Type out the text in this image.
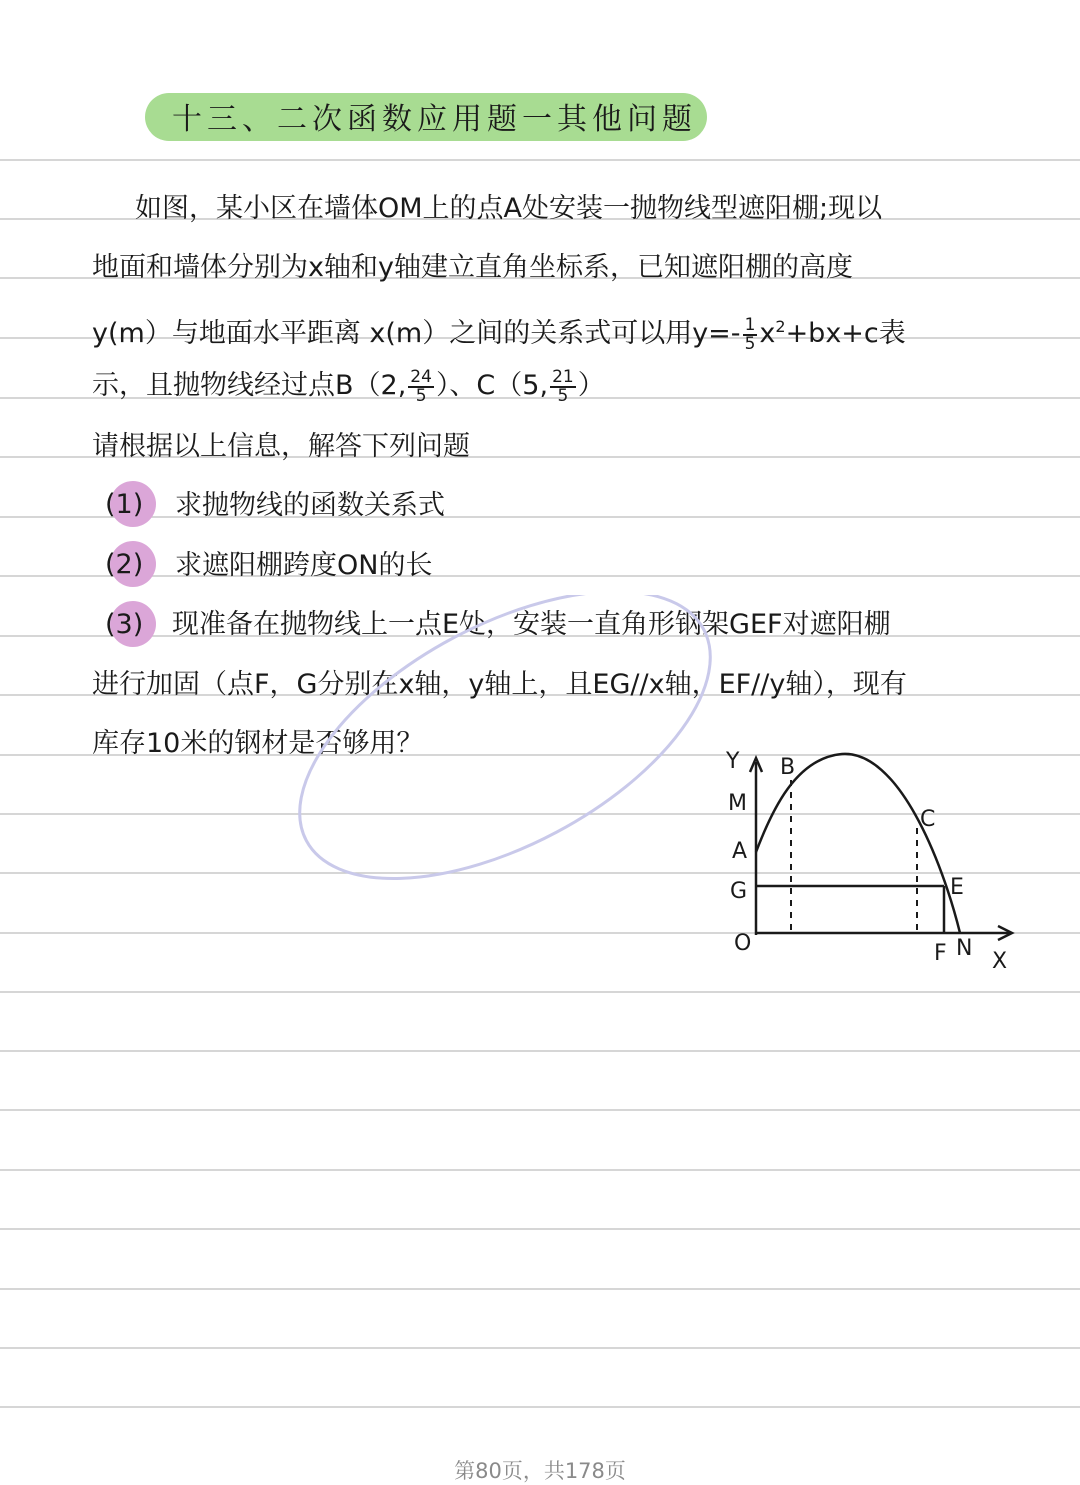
十三、二次函数应用题一其他问题
如图，某小区在墙体OM上的点A处安装一抛物线型遮阳棚;现以
地面和墙体分别为x轴和y轴建立直角坐标系，已知遮阳棚的高度
y(m）与地面水平距离 x(m）之间的关系式可以用$y=- \frac{1}{5} x^2+bx+c$表
示，且抛物线经过点B（2, $\frac{24}{5}$ ）、C（5, $\frac{21}{5}$ ）
请根据以上信息，解答下列问题
(1) 求抛物线的函数关系式
(2) 求遮阳棚跨度ON的长
(3) 现准备在抛物线上一点E处，安装一直角形钢架GEF对遮阳棚
进行加固（点F，G分别在x轴，y轴上，且EG//x轴，EF//y轴），现有
库存10米的钢材是否够用？
Y B
M
C
A
G	E
O	F N
X
第80页，共178页
